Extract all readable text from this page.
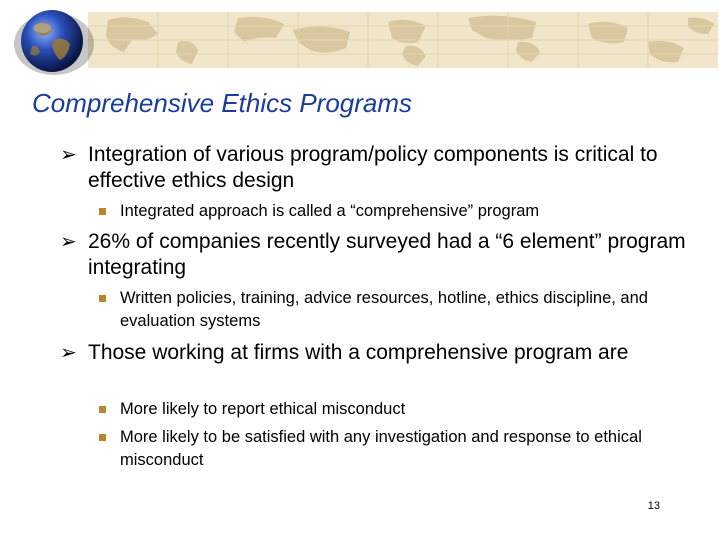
Comprehensive Ethics Programs
➢ Integration of various program/policy components is critical to effective ethics design
Integrated approach is called a “comprehensive” program
➢ 26% of companies recently surveyed had a “6 element” program integrating
Written policies, training, advice resources, hotline, ethics discipline, and evaluation systems
➢ Those working at firms with a comprehensive program are
More likely to report ethical misconduct
More likely to be satisfied with any investigation and response to ethical misconduct
13
